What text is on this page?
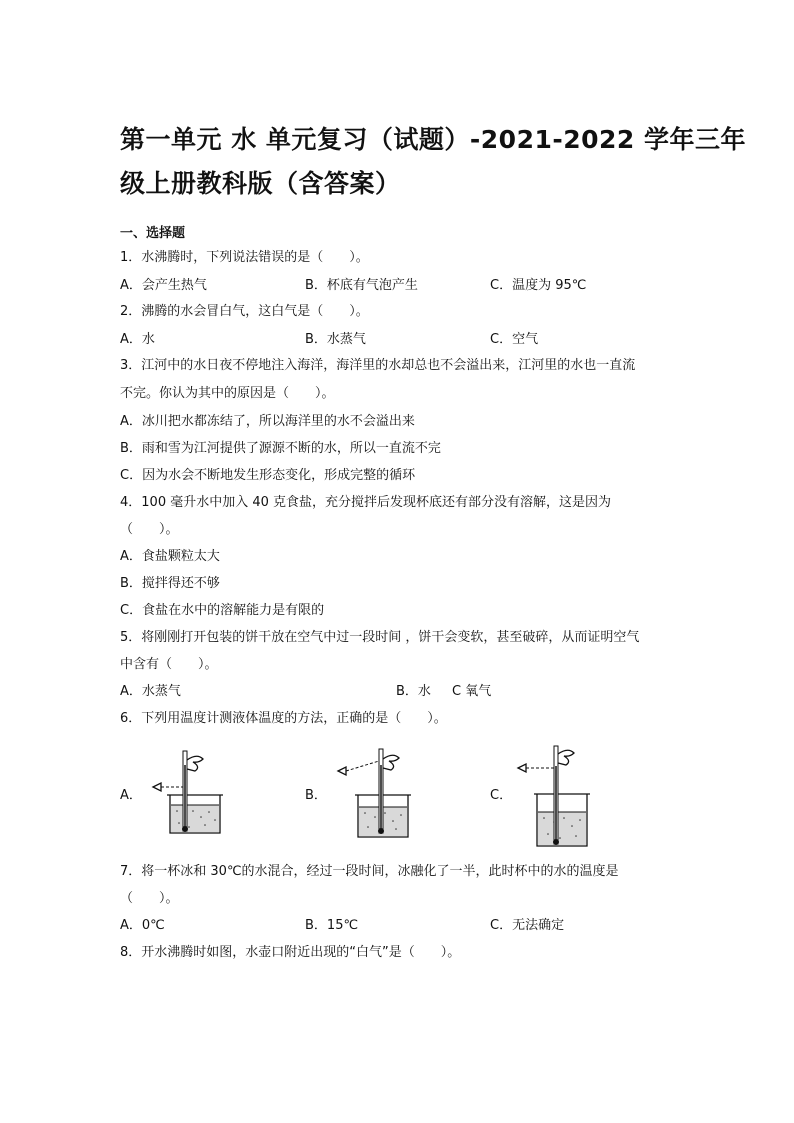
第一单元 水 单元复习（试题）-2021-2022 学年三年
级上册教科版（含答案）
一、选择题
1．水沸腾时，下列说法错误的是（　　）。
A．会产生热气	B．杯底有气泡产生	C．温度为 95℃
2．沸腾的水会冒白气，这白气是（　　）。
A．水	B．水蒸气	C．空气
3．江河中的水日夜不停地注入海洋，海洋里的水却总也不会溢出来，江河里的水也一直流
不完。你认为其中的原因是（　　）。
A．冰川把水都冻结了，所以海洋里的水不会溢出来
B．雨和雪为江河提供了源源不断的水，所以一直流不完
C．因为水会不断地发生形态变化，形成完整的循环
4．100 毫升水中加入 40 克食盐，充分搅拌后发现杯底还有部分没有溶解，这是因为
（　　）。
A．食盐颗粒太大
B．搅拌得还不够
C．食盐在水中的溶解能力是有限的
5．将刚刚打开包装的饼干放在空气中过一段时间 ，饼干会变软，甚至破碎，从而证明空气
中含有（　　）。
A．水蒸气	B．水 C 氧气
6．下列用温度计测液体温度的方法，正确的是（　　）。
A．	B．	C．
7．将一杯冰和 30℃的水混合，经过一段时间，冰融化了一半，此时杯中的水的温度是
（　　）。
A．0℃	B．15℃	C．无法确定
8．开水沸腾时如图，水壶口附近出现的“白气”是（　　）。
